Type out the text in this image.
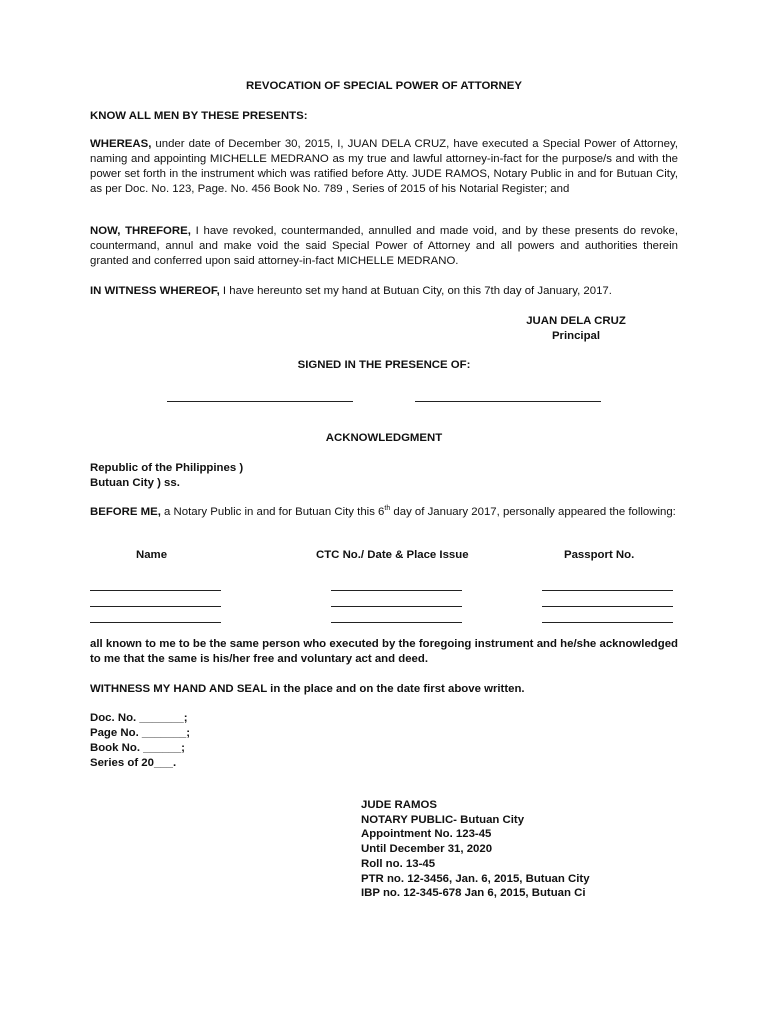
REVOCATION OF SPECIAL POWER OF ATTORNEY
KNOW ALL MEN BY THESE PRESENTS:

WHEREAS, under date of December 30, 2015, I, JUAN DELA CRUZ, have executed a Special Power of Attorney, naming and appointing MICHELLE MEDRANO as my true and lawful attorney-in-fact for the purpose/s and with the power set forth in the instrument which was ratified before Atty. JUDE RAMOS, Notary Public in and for Butuan City, as per Doc. No. 123, Page. No. 456 Book No. 789 , Series of 2015 of his Notarial Register; and

NOW, THREFORE, I have revoked, countermanded, annulled and made void, and by these presents do revoke, countermand, annul and make void the said Special Power of Attorney and all powers and authorities therein granted and conferred upon said attorney-in-fact MICHELLE MEDRANO.

IN WITNESS WHEREOF, I have hereunto set my hand at Butuan City, on this 7th day of January, 2017.

JUAN DELA CRUZ
Principal
SIGNED IN THE PRESENCE OF:
ACKNOWLEDGMENT
Republic of the Philippines )
Butuan City ) ss.

BEFORE ME, a Notary Public in and for Butuan City this 6th day of January 2017, personally appeared the following:

Name	CTC No./ Date & Place Issue	Passport No.

all known to me to be the same person who executed by the foregoing instrument and he/she acknowledged to me that the same is his/her free and voluntary act and deed.

WITHNESS MY HAND AND SEAL in the place and on the date first above written.
Doc. No. _______;
Page No. _______;
Book No. ______;
Series of 20___.
JUDE RAMOS
NOTARY PUBLIC- Butuan City
Appointment No. 123-45
Until December 31, 2020
Roll no. 13-45
PTR no. 12-3456, Jan. 6, 2015, Butuan City
IBP no. 12-345-678 Jan 6, 2015, Butuan Ci
